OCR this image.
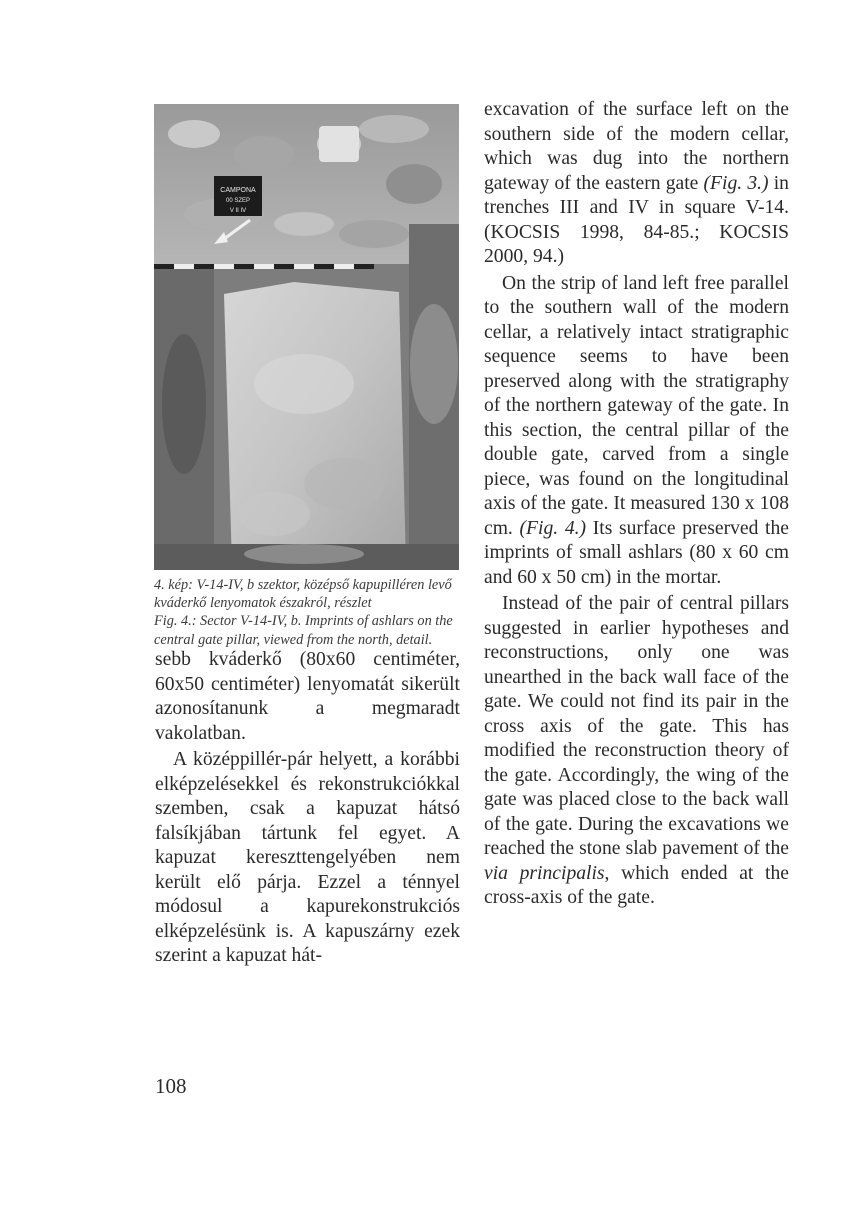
CAMPONA
00 SZEP
V II IV

4. kép: V-14-IV, b szektor, középső kapupilléren levő kváderkő lenyomatok északról, részlet

Fig. 4.: Sector V-14-IV, b. Imprints of ashlars on the central gate pillar, viewed from the north, detail.

sebb kváderkő (80x60 centiméter, 60x50 centiméter) lenyomatát sikerült azonosítanunk a megmaradt vakolatban.

A középpillér-pár helyett, a korábbi elképzelésekkel és rekonstrukciókkal szemben, csak a kapuzat hátsó falsíkjában tártunk fel egyet. A kapuzat kereszttengelyében nem került elő párja. Ezzel a ténnyel módosul a kapurekonstrukciós elképzelésünk is. A kapuszárny ezek szerint a kapuzat hát-

excavation of the surface left on the southern side of the modern cellar, which was dug into the northern gateway of the eastern gate (Fig. 3.) in trenches III and IV in square V-14. (KOCSIS 1998, 84-85.; KOCSIS 2000, 94.)

On the strip of land left free parallel to the southern wall of the modern cellar, a relatively intact stratigraphic sequence seems to have been preserved along with the stratigraphy of the northern gateway of the gate. In this section, the central pillar of the double gate, carved from a single piece, was found on the longitudinal axis of the gate. It measured 130 x 108 cm. (Fig. 4.) Its surface preserved the imprints of small ashlars (80 x 60 cm and 60 x 50 cm) in the mortar.

Instead of the pair of central pillars suggested in earlier hypotheses and reconstructions, only one was unearthed in the back wall face of the gate. We could not find its pair in the cross axis of the gate. This has modified the reconstruction theory of the gate. Accordingly, the wing of the gate was placed close to the back wall of the gate. During the excavations we reached the stone slab pavement of the via principalis, which ended at the cross-axis of the gate.

108
